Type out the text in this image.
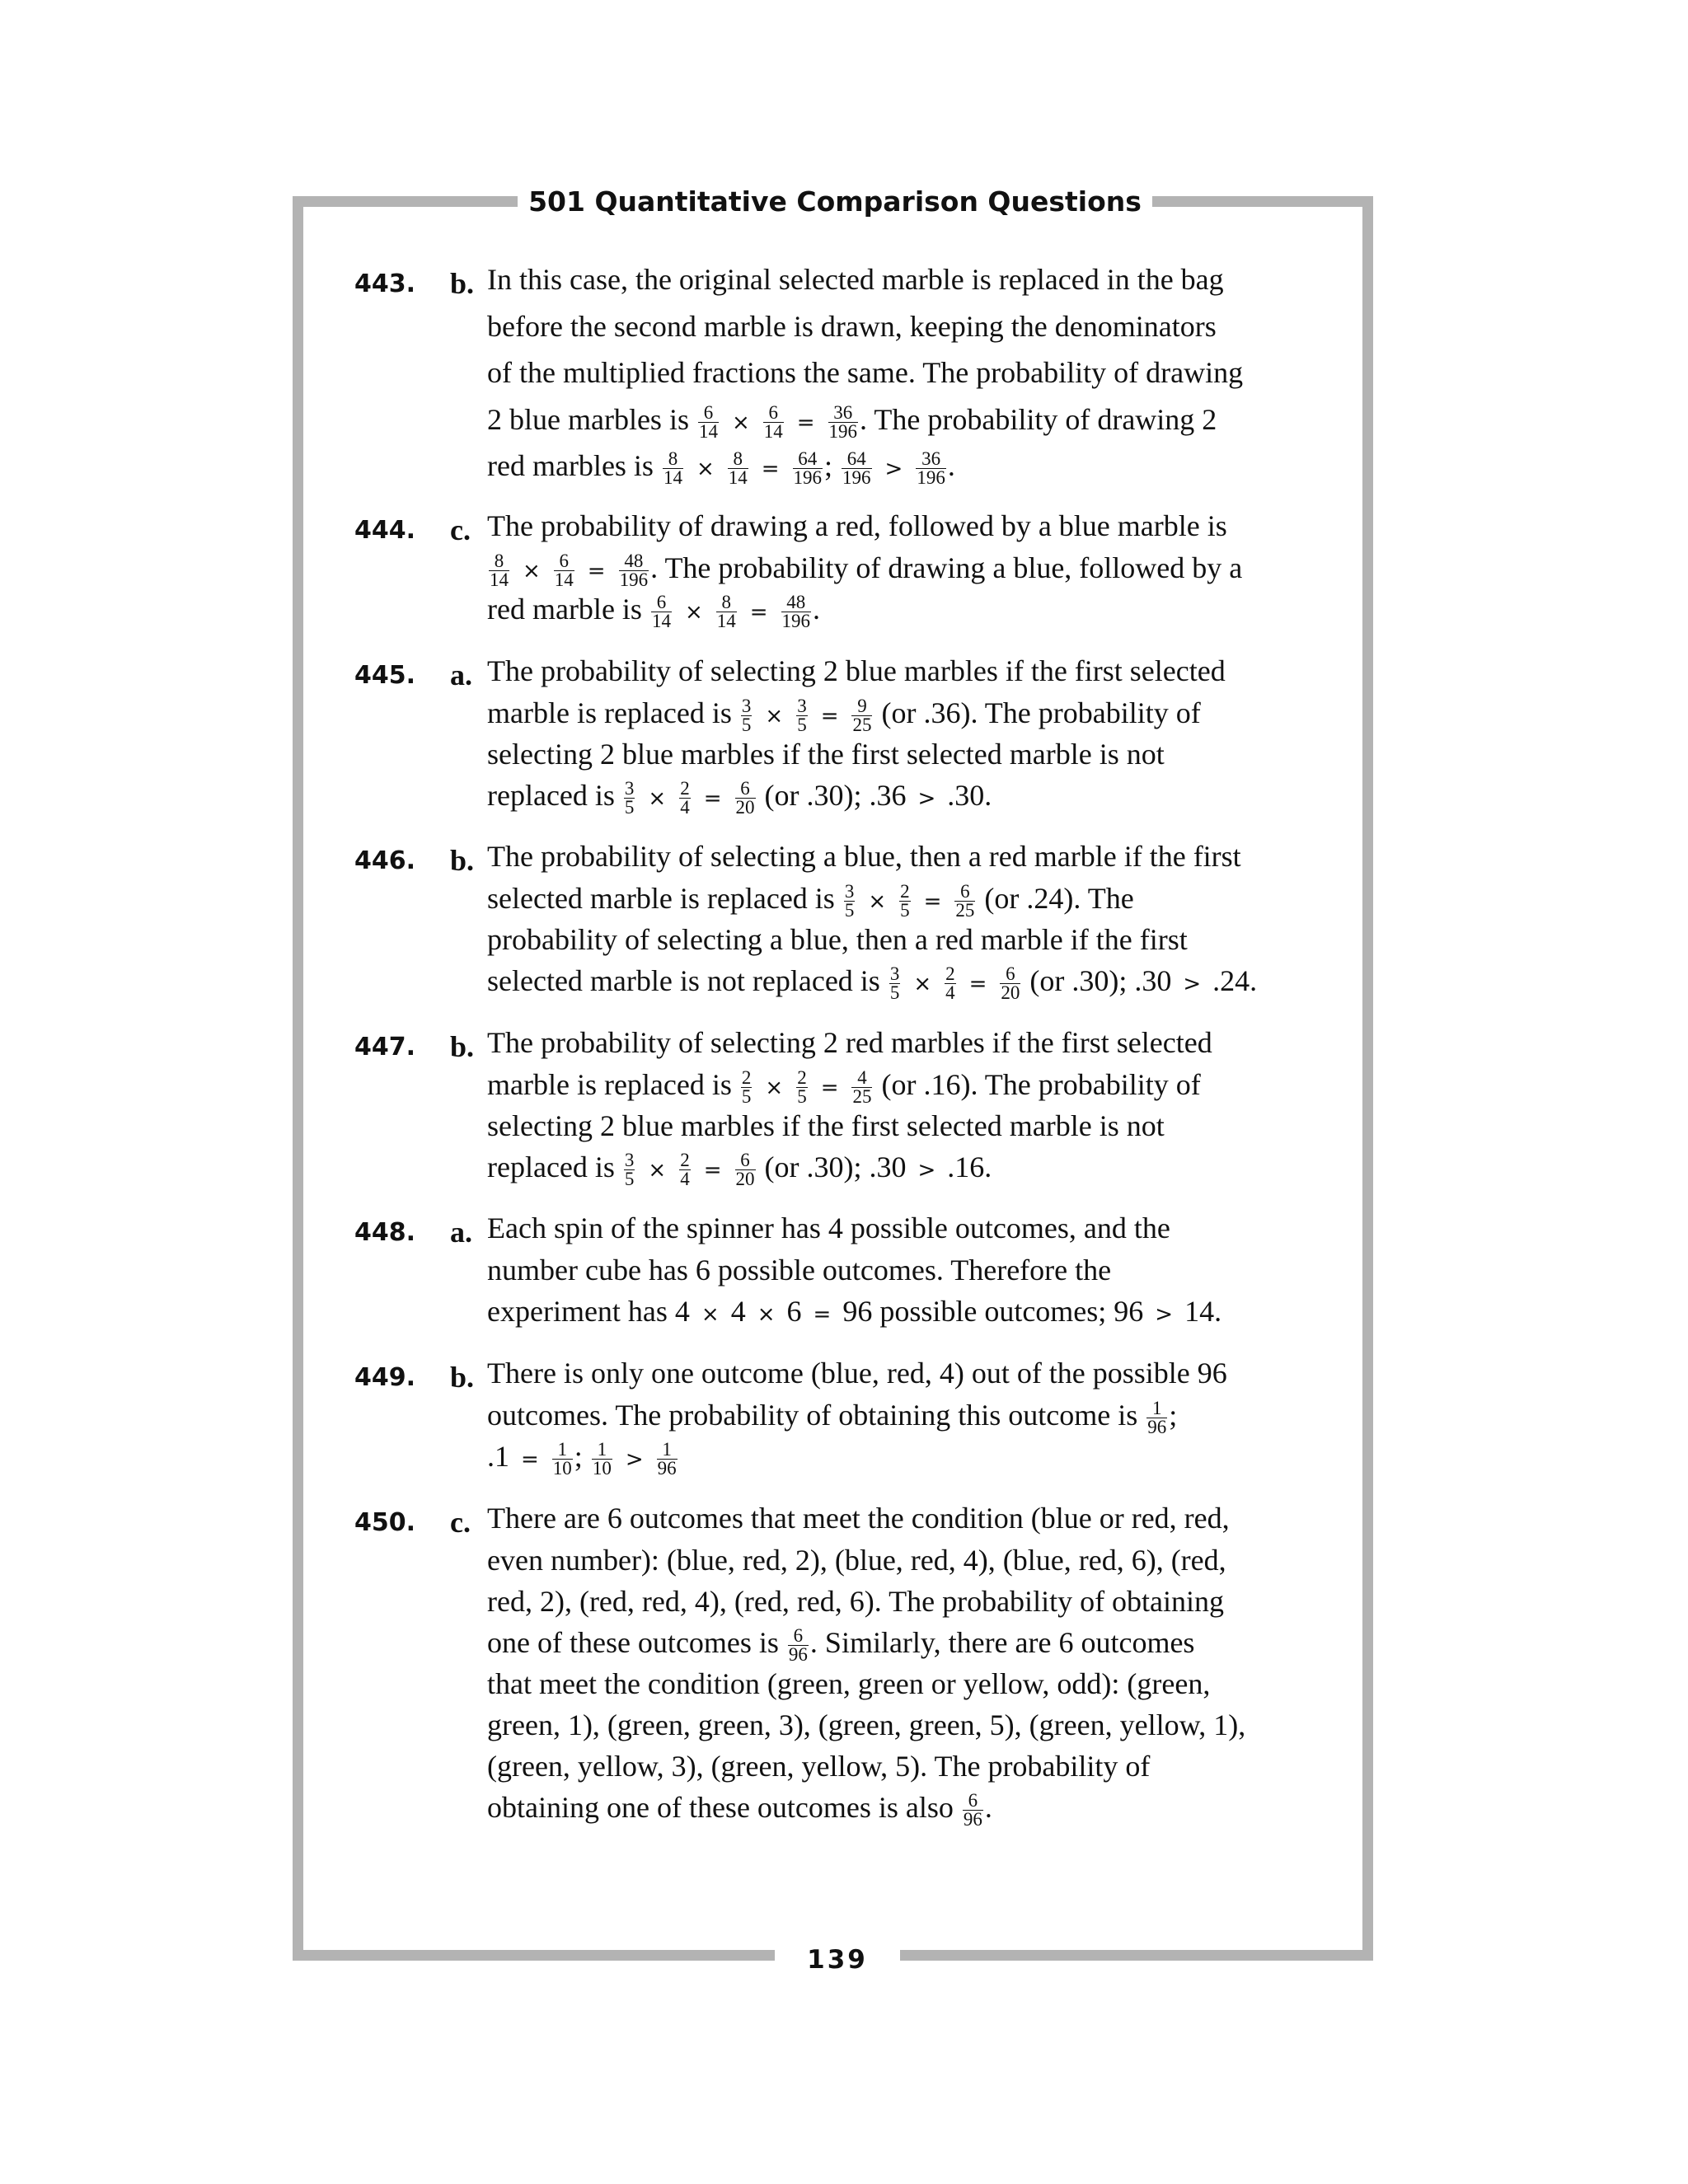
501 Quantitative Comparison Questions
139
443. b. In this case, the original selected marble is replaced in the bag
before the second marble is drawn, keeping the denominators
of the multiplied fractions the same. The probability of drawing
2 blue marbles is $\frac{6}{14} \times \frac{6}{14} = \frac{36}{196}$ . The probability of drawing 2
red marbles is $\frac{8}{14} \times \frac{8}{14} = \frac{64}{196}$ ; $\frac{64}{196} > \frac{36}{196}$ .
444. c. The probability of drawing a red, followed by a blue marble is
$\frac{8}{14} \times \frac{6}{14} = \frac{48}{196}$ . The probability of drawing a blue, followed by a
red marble is $\frac{6}{14} \times \frac{8}{14} = \frac{48}{196}$ .
445. a. The probability of selecting 2 blue marbles if the first selected
marble is replaced is $\frac{3}{5} \times \frac{3}{5} = \frac{9}{25} (or$ .36). The probability of
selecting 2 blue marbles if the first selected marble is not
replaced is $\frac{3}{5} \times \frac{2}{4} = \frac{6}{20} (or$ .30); .36 > .30.
446. b. The probability of selecting a blue, then a red marble if the first
selected marble is replaced is $\frac{3}{5} \times \frac{2}{5} = \frac{6}{25} (or$ .24). The
probability of selecting a blue, then a red marble if the first
selected marble is not replaced is $\frac{3}{5} \times \frac{2}{4} = \frac{6}{20} (or$ .30); .30 > .24.
447. b. The probability of selecting 2 red marbles if the first selected
marble is replaced is $\frac{2}{5} \times \frac{2}{5} = \frac{4}{25} (or$ .16). The probability of
selecting 2 blue marbles if the first selected marble is not
replaced is $\frac{3}{5} \times \frac{2}{4} = \frac{6}{20} (or$ .30); .30 > .16.
448. a. Each spin of the spinner has 4 possible outcomes, and the
number cube has 6 possible outcomes. Therefore the
experiment has 4 × 4 × 6 = 96 possible outcomes; 96 > 14.
449. b. There is only one outcome (blue, red, 4) out of the possible 96
outcomes. The probability of obtaining this outcome is $\frac{1}{96}$ ;
$.1 = \frac{1}{10}$ ; $\frac{1}{10} > \frac{1}{96}$
450. c. There are 6 outcomes that meet the condition (blue or red, red,
even number): (blue, red, 2), (blue, red, 4), (blue, red, 6), (red,
red, 2), (red, red, 4), (red, red, 6). The probability of obtaining
one of these outcomes is $\frac{6}{96}$ . Similarly, there are 6 outcomes
that meet the condition (green, green or yellow, odd): (green,
green, 1), (green, green, 3), (green, green, 5), (green, yellow, 1),
(green, yellow, 3), (green, yellow, 5). The probability of
obtaining one of these outcomes is also $\frac{6}{96}$ .
